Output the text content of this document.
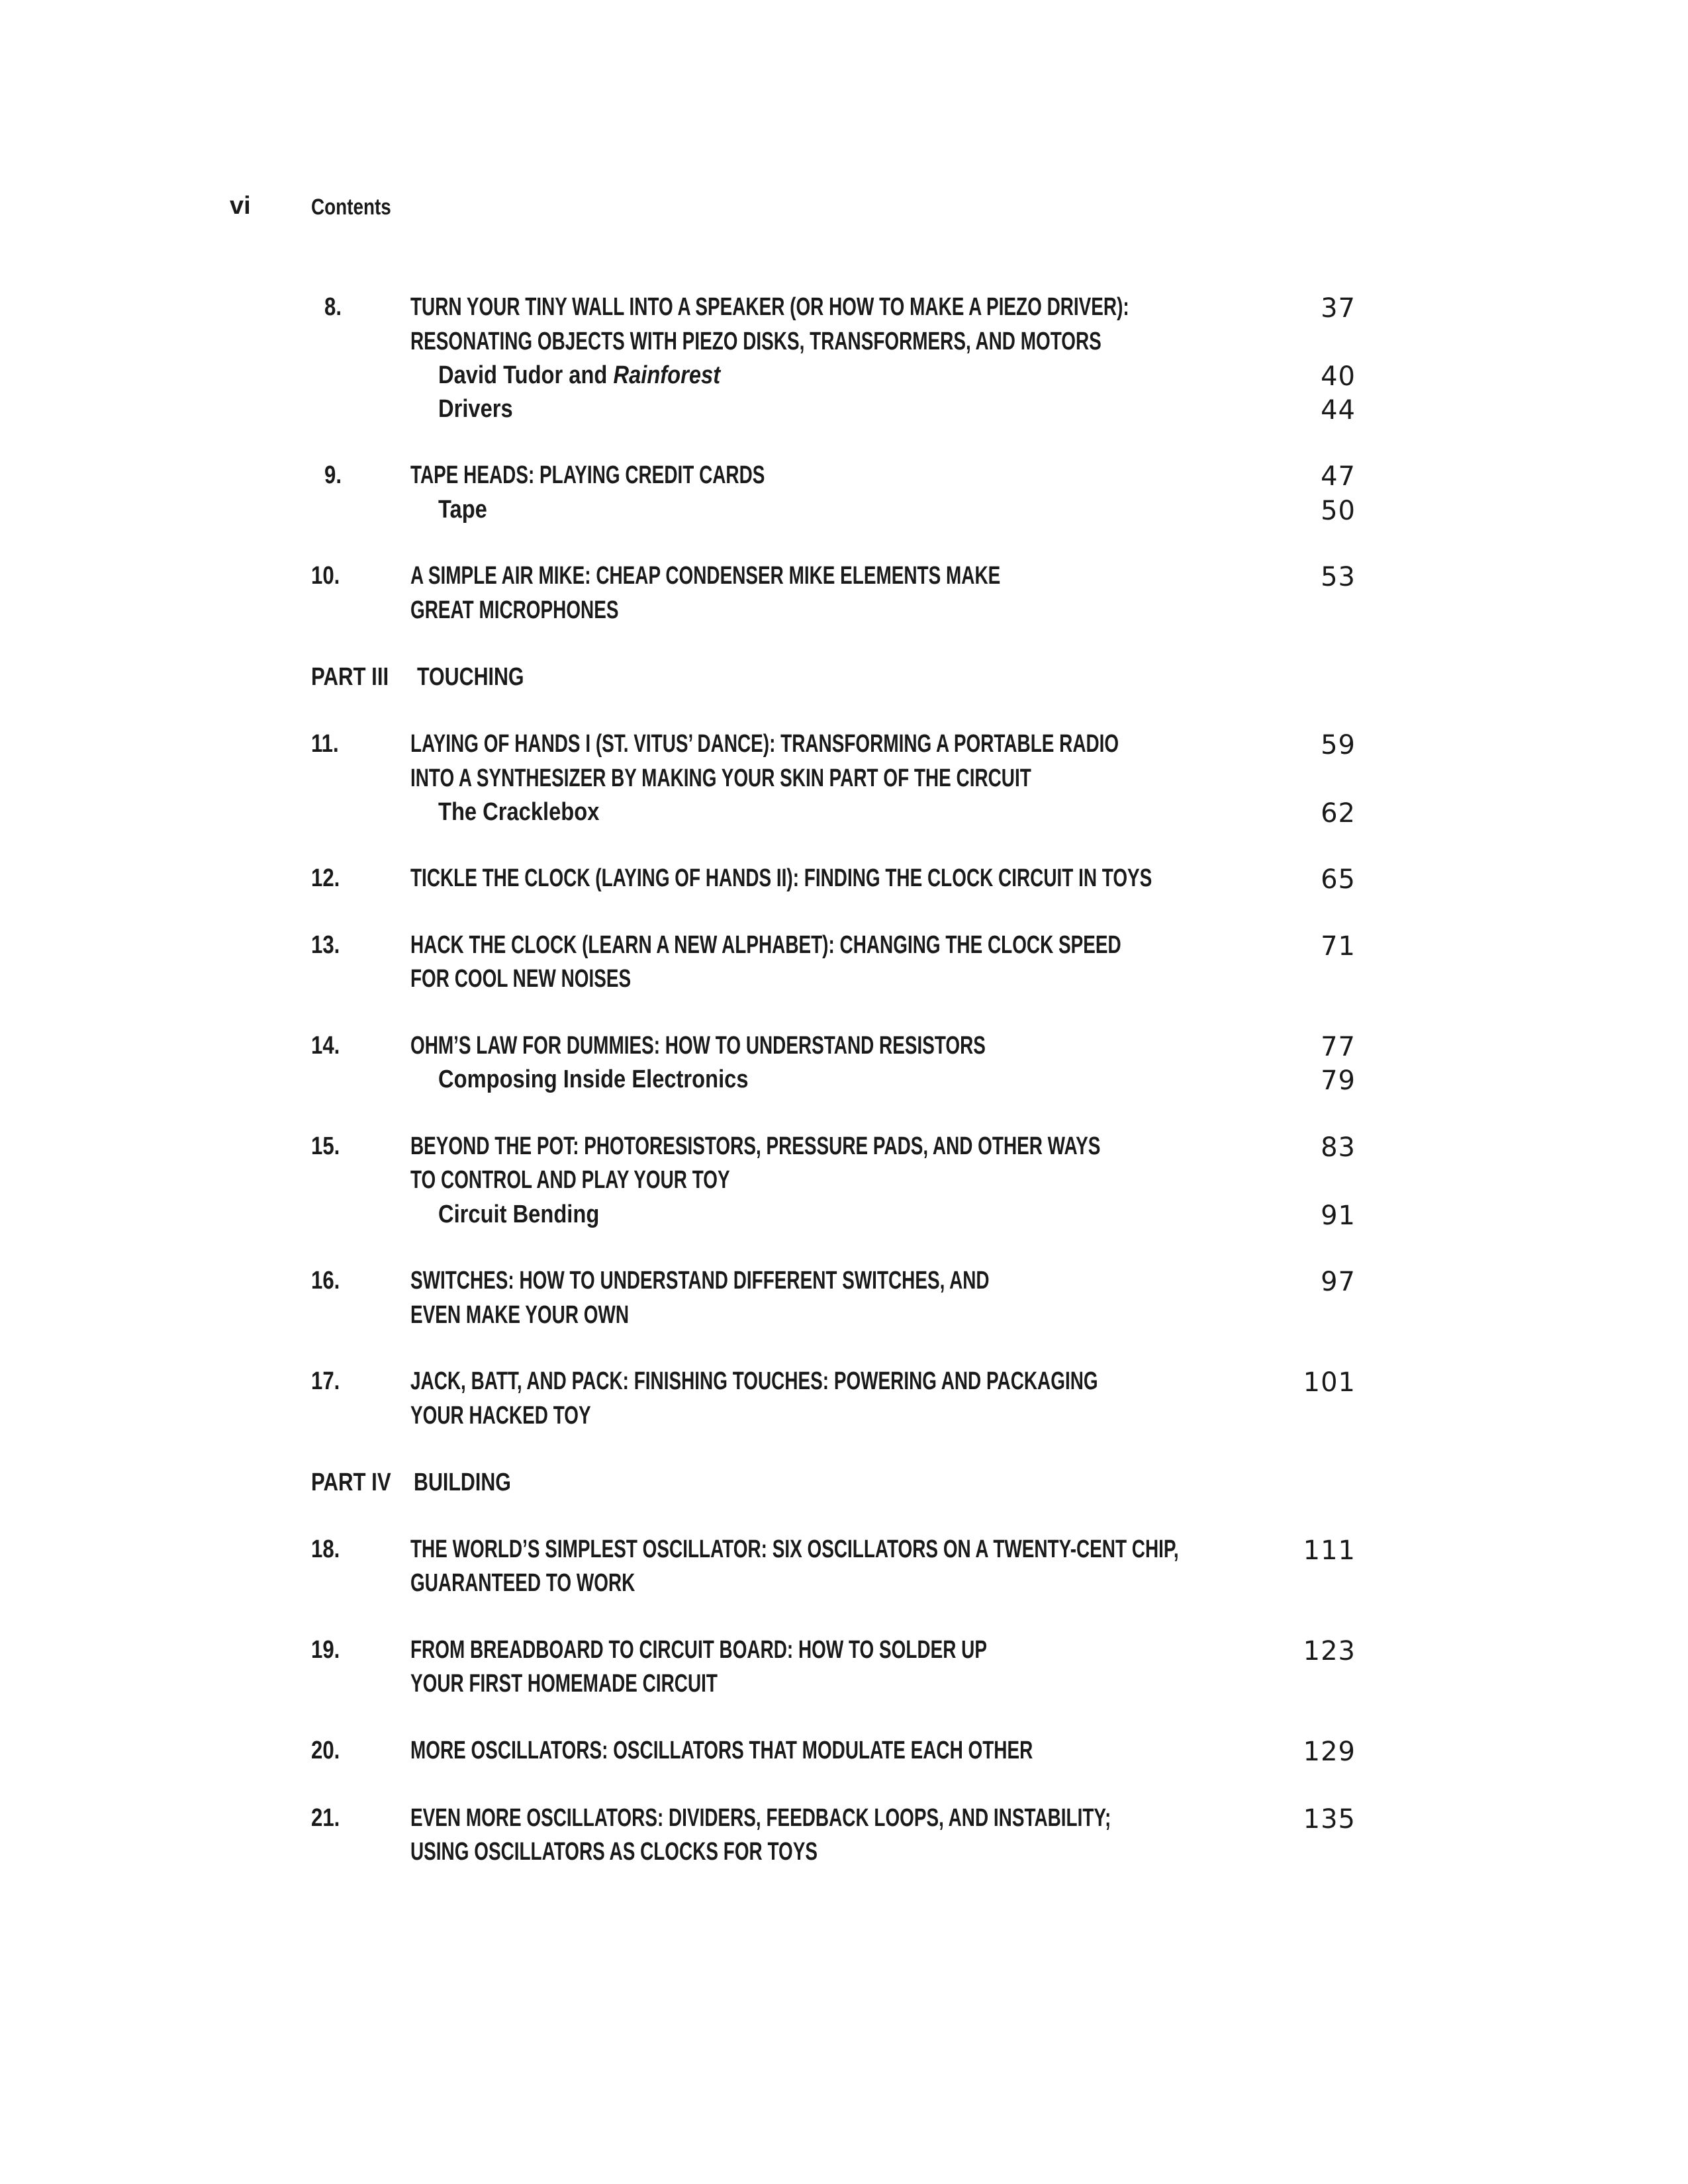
vi	Contents
8.	TURN YOUR TINY WALL INTO A SPEAKER (OR HOW TO MAKE A PIEZO DRIVER):	37
RESONATING OBJECTS WITH PIEZO DISKS, TRANSFORMERS, AND MOTORS
David Tudor and Rainforest	40
Drivers	44
9.	TAPE HEADS: PLAYING CREDIT CARDS	47
Tape	50
10.	A SIMPLE AIR MIKE: CHEAP CONDENSER MIKE ELEMENTS MAKE	53
GREAT MICROPHONES
PART III TOUCHING
11.	LAYING OF HANDS I (ST. VITUS’ DANCE): TRANSFORMING A PORTABLE RADIO	59
INTO A SYNTHESIZER BY MAKING YOUR SKIN PART OF THE CIRCUIT
The Cracklebox	62
12.	TICKLE THE CLOCK (LAYING OF HANDS II): FINDING THE CLOCK CIRCUIT IN TOYS	65
13.	HACK THE CLOCK (LEARN A NEW ALPHABET): CHANGING THE CLOCK SPEED	71
FOR COOL NEW NOISES
14.	OHM’S LAW FOR DUMMIES: HOW TO UNDERSTAND RESISTORS	77
Composing Inside Electronics	79
15.	BEYOND THE POT: PHOTORESISTORS, PRESSURE PADS, AND OTHER WAYS	83
TO CONTROL AND PLAY YOUR TOY
Circuit Bending	91
16.	SWITCHES: HOW TO UNDERSTAND DIFFERENT SWITCHES, AND	97
EVEN MAKE YOUR OWN
17.	JACK, BATT, AND PACK: FINISHING TOUCHES: POWERING AND PACKAGING	101
YOUR HACKED TOY
PART IV BUILDING
18.	THE WORLD’S SIMPLEST OSCILLATOR: SIX OSCILLATORS ON A TWENTY-CENT CHIP,	111
GUARANTEED TO WORK
19.	FROM BREADBOARD TO CIRCUIT BOARD: HOW TO SOLDER UP	123
YOUR FIRST HOMEMADE CIRCUIT
20.	MORE OSCILLATORS: OSCILLATORS THAT MODULATE EACH OTHER	129
21.	EVEN MORE OSCILLATORS: DIVIDERS, FEEDBACK LOOPS, AND INSTABILITY;	135
USING OSCILLATORS AS CLOCKS FOR TOYS
